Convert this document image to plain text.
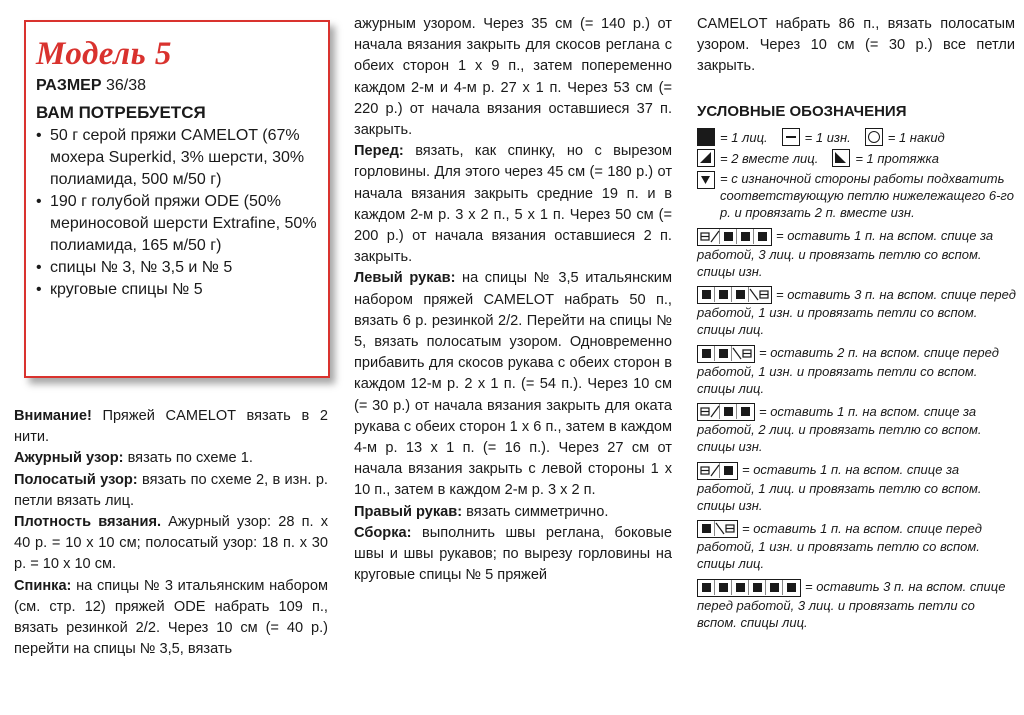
Модель 5
РАЗМЕР 36/38
ВАМ ПОТРЕБУЕТСЯ
• 50 г серой пряжи CAMELOT (67% мохера Superkid, 3% шерсти, 30% полиамида, 500 м/50 г)
• 190 г голубой пряжи ODE (50% мериносовой шерсти Extrafine, 50% полиамида, 165 м/50 г)
• спицы № 3, № 3,5 и № 5
• круговые спицы № 5

Внимание! Пряжей CAMELOT вязать в 2 нити.

Ажурный узор: вязать по схеме 1.

Полосатый узор: вязать по схеме 2, в изн. р. петли вязать лиц.

Плотность вязания. Ажурный узор: 28 п. х 40 р. = 10 х 10 см; полосатый узор: 18 п. х 30 р. = 10 х 10 см.

Спинка: на спицы № 3 итальянским набором (см. стр. 12) пряжей ODE набрать 109 п., вязать резинкой 2/2. Через 10 см (= 40 р.) перейти на спицы № 3,5, вязать

ажурным узором. Через 35 см (= 140 р.) от начала вязания закрыть для скосов реглана с обеих сторон 1 х 9 п., затем попеременно каждом 2-м и 4-м р. 27 х 1 п. Через 53 см (= 220 р.) от начала вязания оставшиеся 37 п. закрыть.

Перед: вязать, как спинку, но с вырезом горловины. Для этого через 45 см (= 180 р.) от начала вязания закрыть средние 19 п. и в каждом 2-м р. 3 х 2 п., 5 х 1 п. Через 50 см (= 200 р.) от начала вязания оставшиеся 2 п. закрыть.

Левый рукав: на спицы № 3,5 итальянским набором пряжей CAMELOT набрать 50 п., вязать 6 р. резинкой 2/2. Перейти на спицы № 5, вязать полосатым узором. Одновременно прибавить для скосов рукава с обеих сторон в каждом 12-м р. 2 х 1 п. (= 54 п.). Через 10 см (= 30 р.) от начала вязания закрыть для оката рукава с обеих сторон 1 х 6 п., затем в каждом 4-м р. 13 х 1 п. (= 16 п.). Через 27 см от начала вязания закрыть с левой стороны 1 х 10 п., затем в каждом 2-м р. 3 х 2 п.

Правый рукав: вязать симметрично.

Сборка: выполнить швы реглана, боковые швы и швы рукавов; по вырезу горловины на круговые спицы № 5 пряжей

CAMELOT набрать 86 п., вязать полосатым узором. Через 10 см (= 30 р.) все петли закрыть.

УСЛОВНЫЕ ОБОЗНАЧЕНИЯ
= 1 лиц.	= 1 изн.	= 1 накид
= 2 вместе лиц.	= 1 протяжка
= с изнаночной стороны работы подхватить соответствующую петлю нижележащего 6-го р. и провязать 2 п. вместе изн.
= оставить 1 п. на вспом. спице за работой, 3 лиц. и провязать петлю со вспом. спицы изн.
= оставить 3 п. на вспом. спице перед работой, 1 изн. и провязать петли со вспом. спицы лиц.
= оставить 2 п. на вспом. спице перед работой, 1 изн. и провязать петли со вспом. спицы лиц.
= оставить 1 п. на вспом. спице за работой, 2 лиц. и провязать петлю со вспом. спицы изн.
= оставить 1 п. на вспом. спице за работой, 1 лиц. и провязать петлю со вспом. спицы изн.
= оставить 1 п. на вспом. спице перед работой, 1 изн. и провязать петлю со вспом. спицы лиц.
= оставить 3 п. на вспом. спице перед работой, 3 лиц. и провязать петли со вспом. спицы лиц.
